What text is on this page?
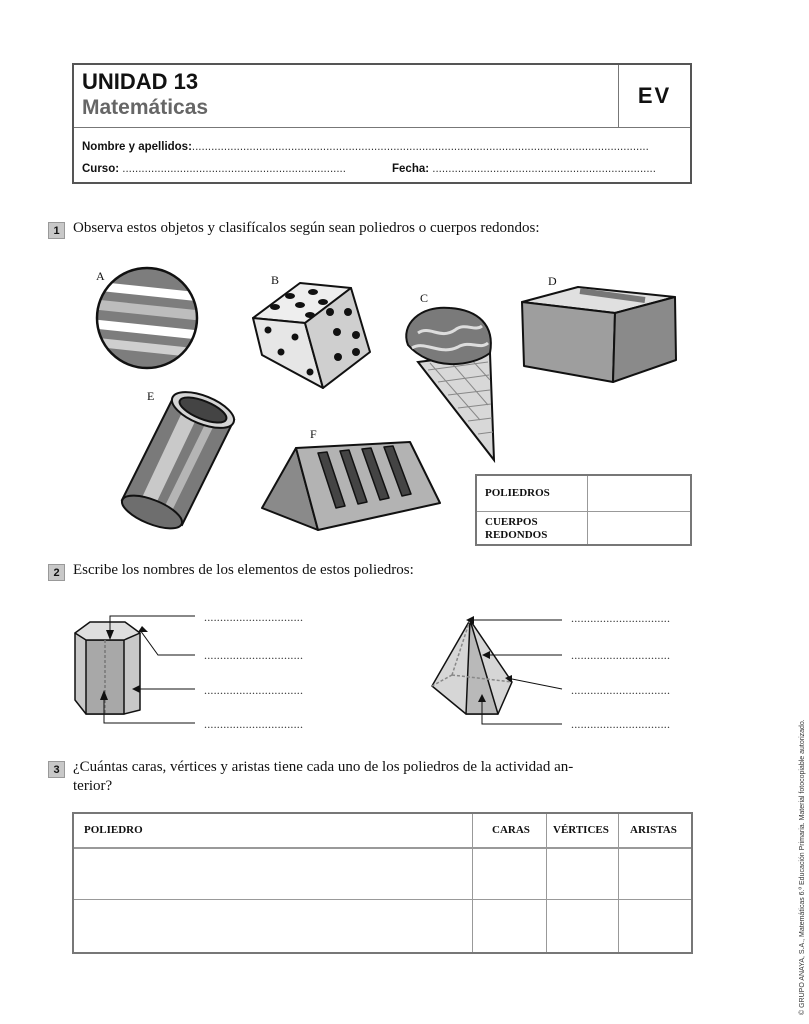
UNIDAD 13
Matemáticas	EV
Nombre y apellidos:...............................................................................................................................................
Curso: ......................................................................	Fecha: ......................................................................
1 Observa estos objetos y clasifícalos según sean poliedros o cuerpos redondos:
A	B
C
D
E
F
POLIEDROS
CUERPOS
REDONDOS
2 Escribe los nombres de los elementos de estos poliedros:
...............................
...............................
...............................
...............................
...............................
...............................
...............................
...............................
3 ¿Cuántas caras, vértices y aristas tiene cada uno de los poliedros de la actividad an-
terior?
POLIEDRO	CARAS VÉRTICES ARISTAS	© GRUPO ANAYA, S.A., Matemáticas 6.º Educación Primaria. Material fotocopiable autorizado.
